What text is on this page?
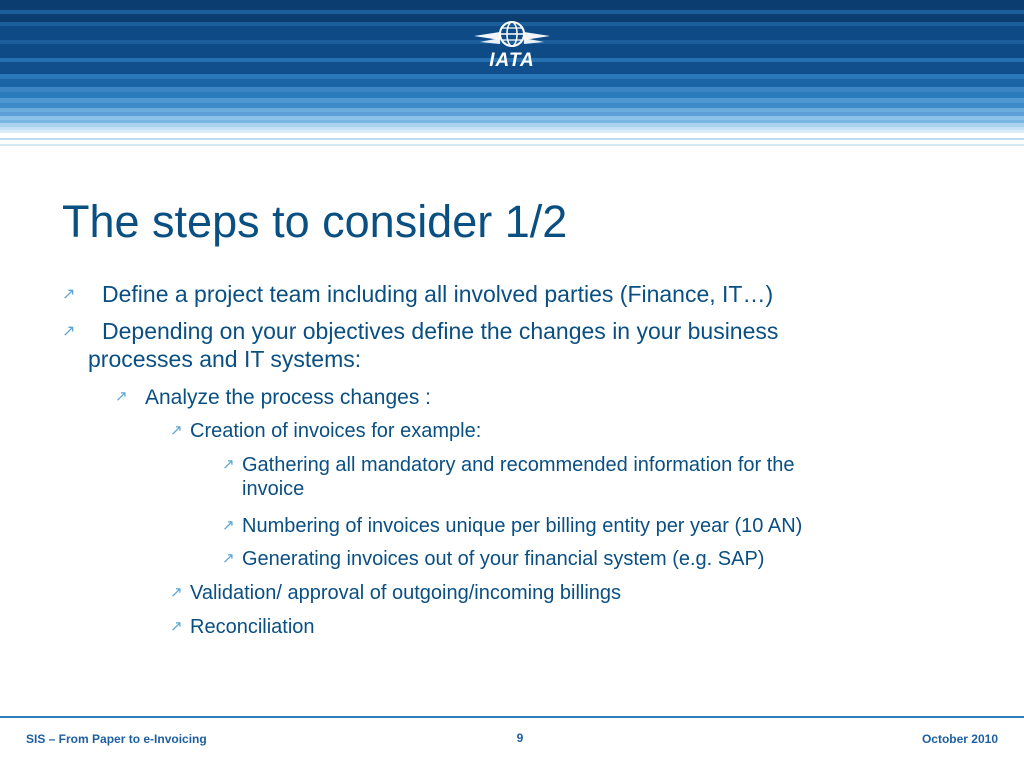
IATA
The steps to consider 1/2
↗ Define a project team including all involved parties (Finance, IT…)
↗ Depending on your objectives define the changes in your business
processes and IT systems:
↗ Analyze the process changes :
↗ Creation of invoices for example:
↗ Gathering all mandatory and recommended information for the
invoice
↗ Numbering of invoices unique per billing entity per year (10 AN)
↗ Generating invoices out of your financial system (e.g. SAP)
↗ Validation/ approval of outgoing/incoming billings
↗ Reconciliation
SIS – From Paper to e-Invoicing	9	October 2010
